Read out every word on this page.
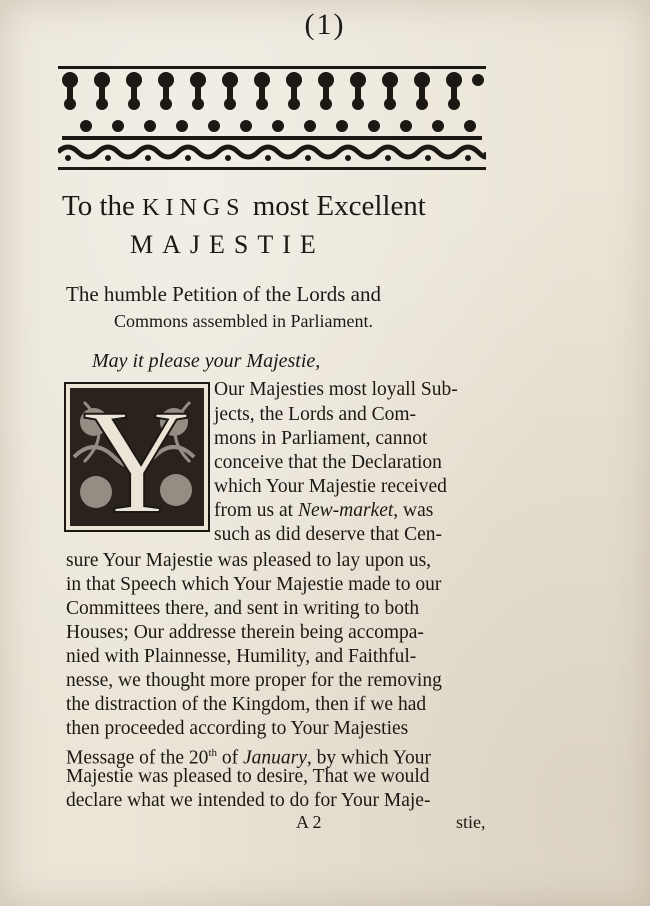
(1)
To the KINGS most Excellent
MAJESTIE
The humble Petition of the Lords and
Commons assembled in Parliament.
May it please your Majestie,
Y Our Majesties most loyall Sub-
jects, the Lords and Com-
mons in Parliament, cannot
conceive that the Declaration
which Your Majestie received
from us at New-market, was
such as did deserve that Cen-
sure Your Majestie was pleased to lay upon us,
in that Speech which Your Majestie made to our
Committees there, and sent in writing to both
Houses; Our addresse therein being accompa-
nied with Plainnesse, Humility, and Faithful-
nesse, we thought more proper for the removing
the distraction of the Kingdom, then if we had
then proceeded according to Your Majesties
Message of the 20th of January, by which Your
Majestie was pleased to desire, That we would
declare what we intended to do for Your Maje-
A 2	stie,
